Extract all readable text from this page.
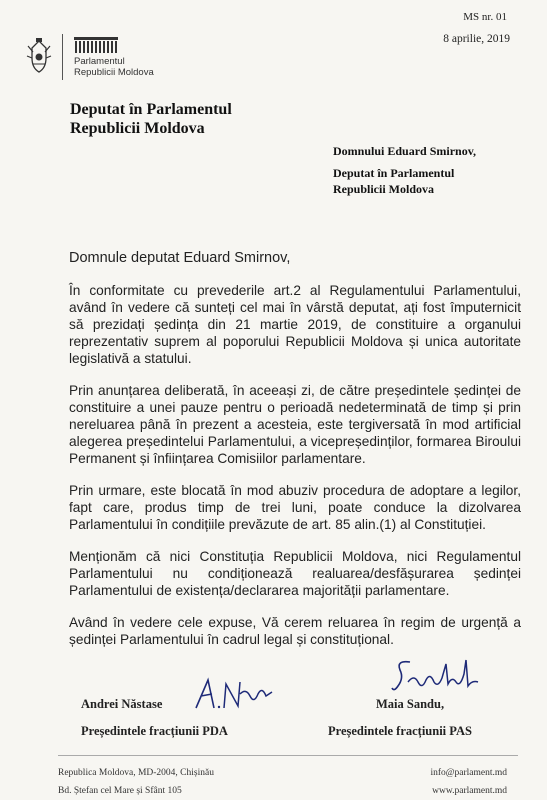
Parlamentul
Republicii Moldova
MS nr. 01
8 aprilie, 2019
Deputat în Parlamentul
Republicii Moldova
Domnului Eduard Smirnov,
Deputat în Parlamentul
Republicii Moldova
Domnule deputat Eduard Smirnov,

În conformitate cu prevederile art.2 al Regulamentului Parlamentului, având în vedere că sunteți cel mai în vârstă deputat, ați fost împuternicit să prezidați ședința din 21 martie 2019, de constituire a organului reprezentativ suprem al poporului Republicii Moldova și unica autoritate legislativă a statului.

Prin anunțarea deliberată, în aceeași zi, de către președintele ședinței de constituire a unei pauze pentru o perioadă nedeterminată de timp și prin nereluarea până în prezent a acesteia, este tergiversată în mod artificial alegerea președintelui Parlamentului, a vicepreședinților, formarea Biroului Permanent și înființarea Comisiilor parlamentare.

Prin urmare, este blocată în mod abuziv procedura de adoptare a legilor, fapt care, produs timp de trei luni, poate conduce la dizolvarea Parlamentului în condițiile prevăzute de art. 85 alin.(1) al Constituției.

Menționăm că nici Constituția Republicii Moldova, nici Regulamentul Parlamentului nu condiționează realuarea/desfășurarea ședinței Parlamentului de existența/declararea majorității parlamentare.

Având în vedere cele expuse, Vă cerem reluarea în regim de urgență a ședinței Parlamentului în cadrul legal și constituțional.

Andrei Năstase
Președintele fracțiunii PDA
Maia Sandu,
Președintele fracțiunii PAS
Republica Moldova, MD-2004, Chișinău
Bd. Ștefan cel Mare și Sfânt 105
info@parlament.md
www.parlament.md
